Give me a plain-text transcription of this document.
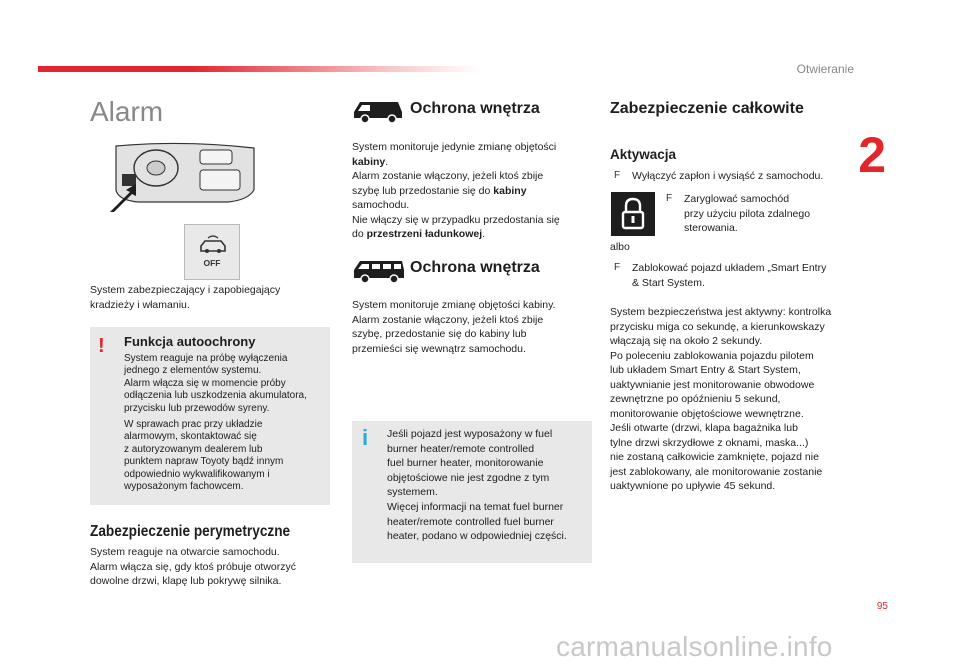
Otwieranie
2
95
carmanualsonline.info
Alarm
OFF
System zabezpieczający i zapobiegający kradzieży i włamaniu.
! Funkcja autoochrony
System reaguje na próbę wyłączenia
jednego z elementów systemu.
Alarm włącza się w momencie próby
odłączenia lub uszkodzenia akumulatora,
przycisku lub przewodów syreny.
W sprawach prac przy układzie
alarmowym, skontaktować się
z autoryzowanym dealerem lub
punktem napraw Toyoty bądź innym
odpowiednio wykwalifikowanym i
wyposażonym fachowcem.
Zabezpieczenie perymetryczne
System reaguje na otwarcie samochodu.
Alarm włącza się, gdy ktoś próbuje otworzyć
dowolne drzwi, klapę lub pokrywę silnika.
Ochrona wnętrza
System monitoruje jedynie zmianę objętości
kabiny.
Alarm zostanie włączony, jeżeli ktoś zbije
szybę lub przedostanie się do kabiny
samochodu.
Nie włączy się w przypadku przedostania się
do przestrzeni ładunkowej.
Ochrona wnętrza
System monitoruje zmianę objętości kabiny.
Alarm zostanie włączony, jeżeli ktoś zbije
szybę, przedostanie się do kabiny lub
przemieści się wewnątrz samochodu.
i Jeśli pojazd jest wyposażony w fuel
burner heater/remote controlled
fuel burner heater, monitorowanie
objętościowe nie jest zgodne z tym
systemem.
Więcej informacji na temat fuel burner
heater/remote controlled fuel burner
heater, podano w odpowiedniej części.
Zabezpieczenie całkowite
Aktywacja
F Wyłączyć zapłon i wysiąść z samochodu.
F Zaryglować samochód
przy użyciu pilota zdalnego
sterowania.
albo
F Zablokować pojazd układem „Smart Entry
& Start System.
System bezpieczeństwa jest aktywny: kontrolka
przycisku miga co sekundę, a kierunkowskazy
włączają się na około 2 sekundy.
Po poleceniu zablokowania pojazdu pilotem
lub układem Smart Entry & Start System,
uaktywnianie jest monitorowanie obwodowe
zewnętrzne po opóźnieniu 5 sekund,
monitorowanie objętościowe wewnętrzne.
Jeśli otwarte (drzwi, klapa bagażnika lub
tylne drzwi skrzydłowe z oknami, maska...)
nie zostaną całkowicie zamknięte, pojazd nie
jest zablokowany, ale monitorowanie zostanie
uaktywnione po upływie 45 sekund.
